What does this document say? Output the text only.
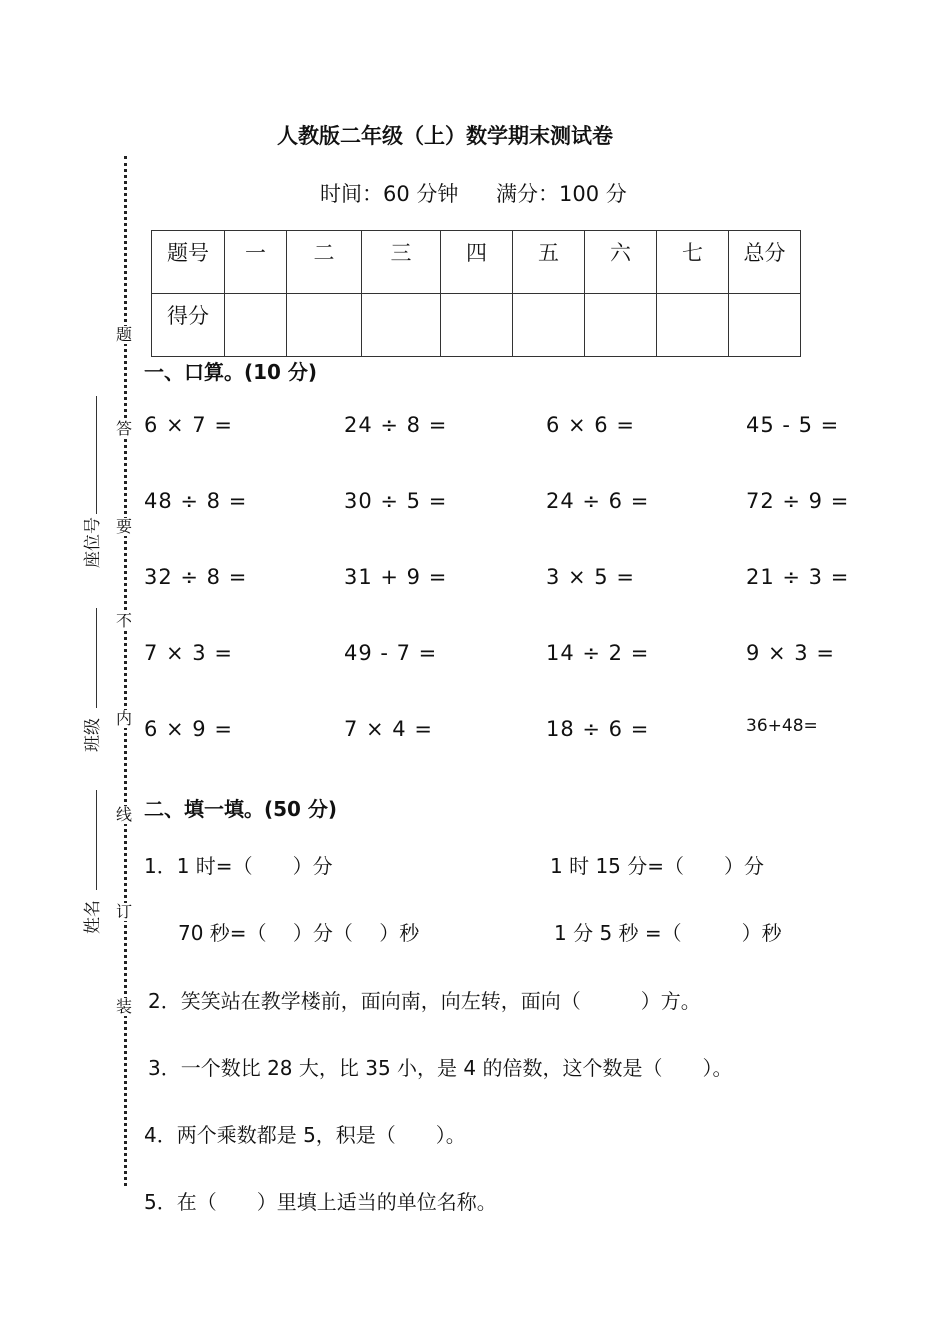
题
答
要
不
内
线
订
装
座位号
班级
姓名
人教版二年级（上）数学期末测试卷
时间：60 分钟 满分：100 分
题号	一	二	三	四	五	六	七	总分
得分								
一、口算。(10 分)
6 × 7 =	24 ÷ 8 =	6 × 6 =	45 - 5 =
48 ÷ 8 =	30 ÷ 5 =	24 ÷ 6 =	72 ÷ 9 =
32 ÷ 8 =	31 + 9 =	3 × 5 =	21 ÷ 3 =
7 × 3 =	49 - 7 =	14 ÷ 2 =	9 × 3 =
6 × 9 =	7 × 4 =	18 ÷ 6 =	36+48=
二、填一填。(50 分)
1．1 时=（　　）分	1 时 15 分=（　　）分
70 秒=（　 ）分（　 ）秒	1 分 5 秒 =（　　　）秒
2．笑笑站在教学楼前，面向南，向左转，面向（　　　）方。
3．一个数比 28 大，比 35 小，是 4 的倍数，这个数是（　　）。
4．两个乘数都是 5，积是（　　）。
5．在（　　）里填上适当的单位名称。
